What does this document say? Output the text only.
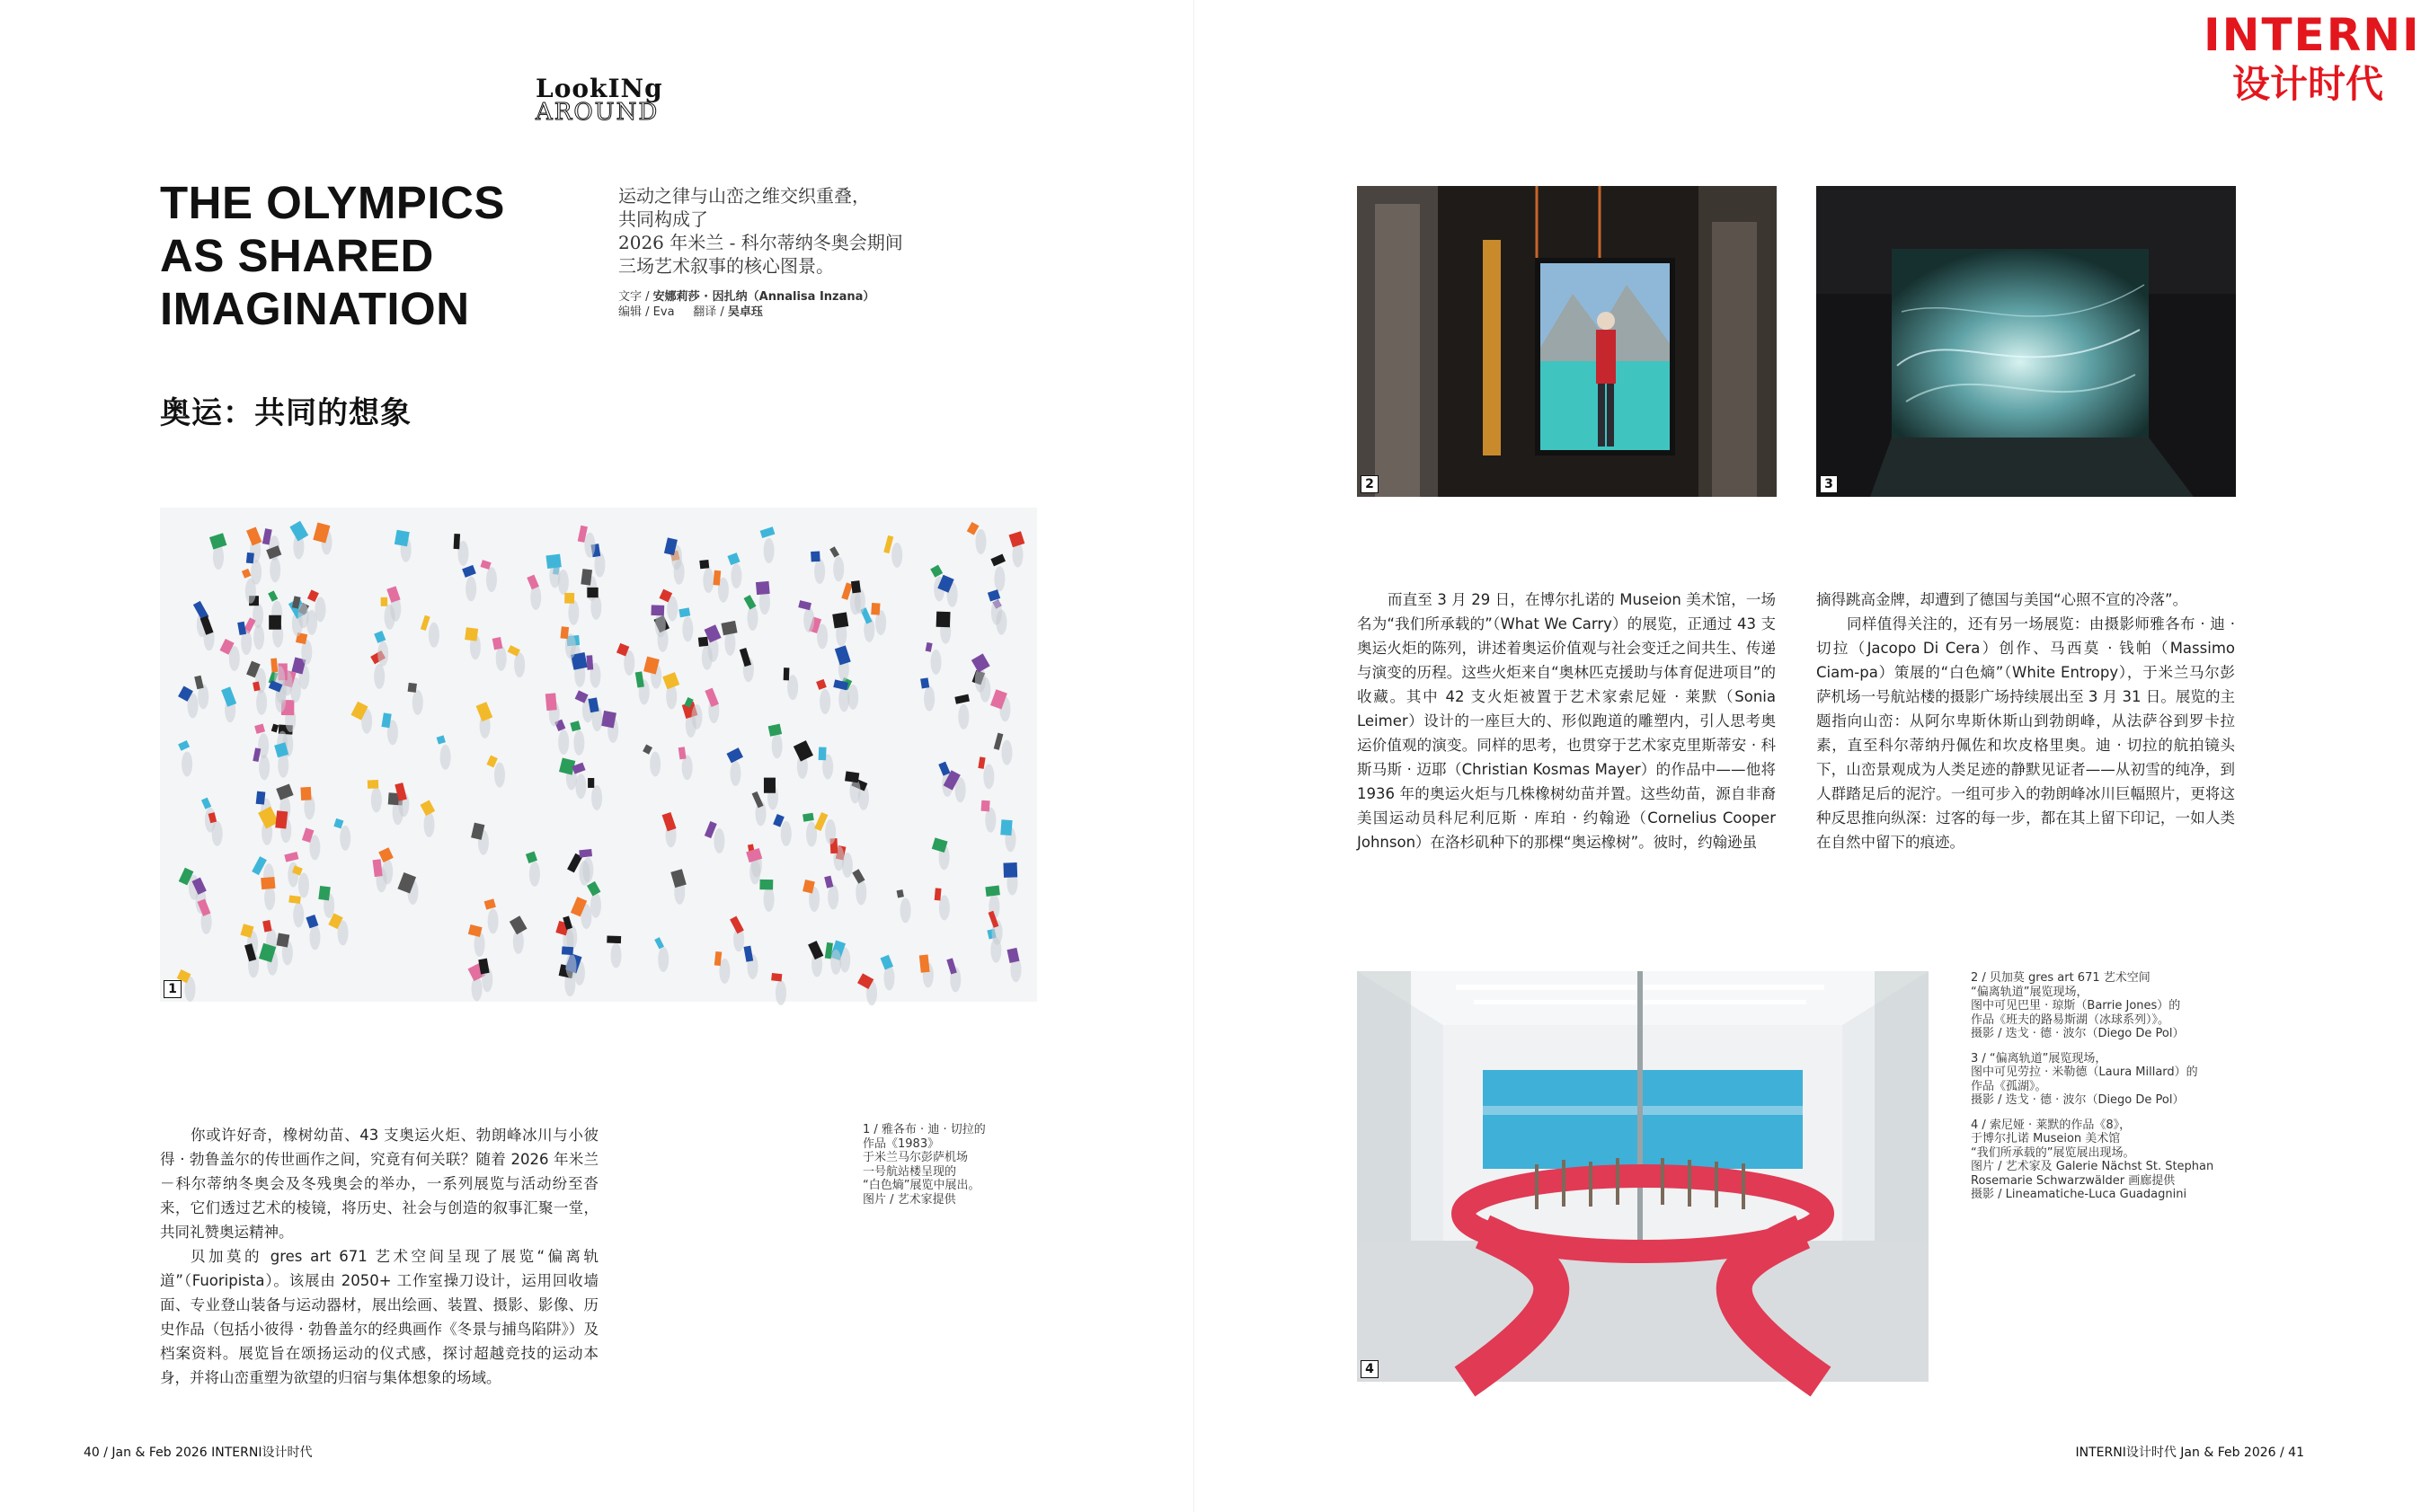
INTERNI
设计时代
LookINg
AROUND
THE OLYMPICS
AS SHARED
IMAGINATION
奥运：共同的想象
运动之律与山峦之维交织重叠，
共同构成了
2026 年米兰 - 科尔蒂纳冬奥会期间
三场艺术叙事的核心图景。
文字 / 安娜莉莎 · 因扎纳（Annalisa Inzana）
编辑 / Eva 翻译 / 吴卓珏
1
2	3
4

你或许好奇，橡树幼苗、43 支奥运火炬、勃朗峰冰川与小彼得 · 勃鲁盖尔的传世画作之间，究竟有何关联？随着 2026 年米兰－科尔蒂纳冬奥会及冬残奥会的举办，一系列展览与活动纷至沓来，它们透过艺术的棱镜，将历史、社会与创造的叙事汇聚一堂，共同礼赞奥运精神。

贝加莫的 gres art 671 艺术空间呈现了展览“偏离轨道”（Fuoripista）。该展由 2050+ 工作室操刀设计，运用回收墙面、专业登山装备与运动器材，展出绘画、装置、摄影、影像、历史作品（包括小彼得 · 勃鲁盖尔的经典画作《冬景与捕鸟陷阱》）及档案资料。展览旨在颂扬运动的仪式感，探讨超越竞技的运动本身，并将山峦重塑为欲望的归宿与集体想象的场域。

1 / 雅各布 · 迪 · 切拉的
作品《1983》
于米兰马尔彭萨机场
一号航站楼呈现的
“白色熵”展览中展出。
图片 / 艺术家提供

而直至 3 月 29 日，在博尔扎诺的 Museion 美术馆，一场名为“我们所承载的”（What We Carry）的展览，正通过 43 支奥运火炬的陈列，讲述着奥运价值观与社会变迁之间共生、传递与演变的历程。这些火炬来自“奥林匹克援助与体育促进项目”的收藏。其中 42 支火炬被置于艺术家索尼娅 · 莱默（Sonia Leimer）设计的一座巨大的、形似跑道的雕塑内，引人思考奥运价值观的演变。同样的思考，也贯穿于艺术家克里斯蒂安 · 科斯马斯 · 迈耶（Christian Kosmas Mayer）的作品中——他将 1936 年的奥运火炬与几株橡树幼苗并置。这些幼苗，源自非裔美国运动员科尼利厄斯 · 库珀 · 约翰逊（Cornelius Cooper Johnson）在洛杉矶种下的那棵“奥运橡树”。彼时，约翰逊虽

摘得跳高金牌，却遭到了德国与美国“心照不宣的冷落”。

同样值得关注的，还有另一场展览：由摄影师雅各布 · 迪 · 切拉（Jacopo Di Cera）创作、马西莫 · 钱帕（Massimo Ciam-pa）策展的“白色熵”（White Entropy），于米兰马尔彭萨机场一号航站楼的摄影广场持续展出至 3 月 31 日。展览的主题指向山峦：从阿尔卑斯休斯山到勃朗峰，从法萨谷到罗卡拉素，直至科尔蒂纳丹佩佐和坎皮格里奥。迪 · 切拉的航拍镜头下，山峦景观成为人类足迹的静默见证者——从初雪的纯净，到人群踏足后的泥泞。一组可步入的勃朗峰冰川巨幅照片，更将这种反思推向纵深：过客的每一步，都在其上留下印记，一如人类在自然中留下的痕迹。

2 / 贝加莫 gres art 671 艺术空间
“偏离轨道”展览现场，
图中可见巴里 · 琼斯（Barrie Jones）的
作品《班夫的路易斯湖（冰球系列）》。
摄影 / 迭戈 · 德 · 波尔（Diego De Pol）
3 / “偏离轨道”展览现场，
图中可见劳拉 · 米勒德（Laura Millard）的
作品《孤湖》。
摄影 / 迭戈 · 德 · 波尔（Diego De Pol）
4 / 索尼娅 · 莱默的作品《8》，
于博尔扎诺 Museion 美术馆
“我们所承载的”展览展出现场。
图片 / 艺术家及 Galerie Nächst St. Stephan
Rosemarie Schwarzwälder 画廊提供
摄影 / Lineamatiche-Luca Guadagnini
40 / Jan & Feb 2026 INTERNI设计时代	INTERNI设计时代 Jan & Feb 2026 / 41
